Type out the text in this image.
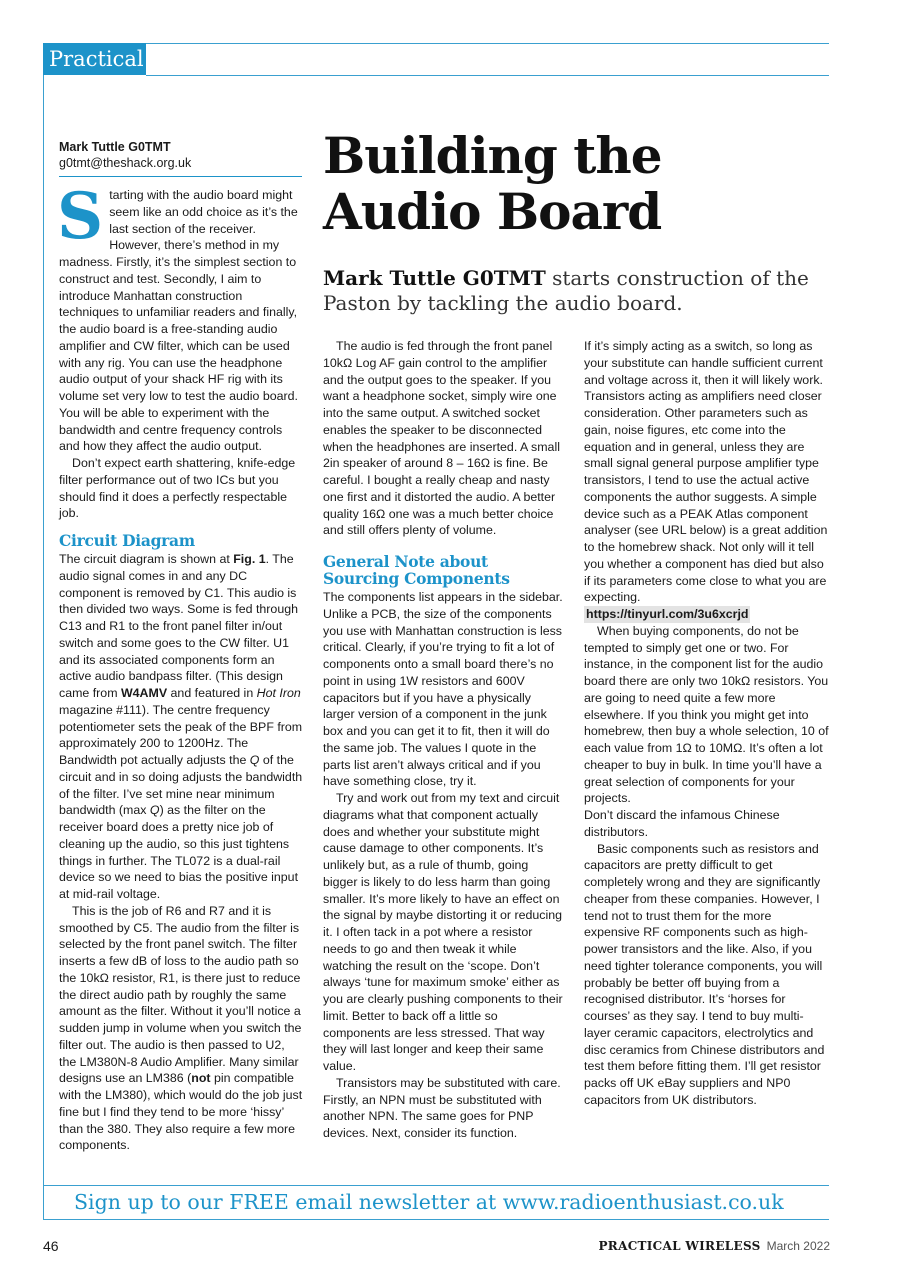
Practical
Mark Tuttle G0TMT
g0tmt@theshack.org.uk	Building the
Audio Board
Mark Tuttle G0TMT starts construction of the Paston by tackling the audio board.

Starting with the audio board might seem like an odd choice as it’s the last section of the receiver. However, there’s method in my madness. Firstly, it’s the simplest section to construct and test. Secondly, I aim to introduce Manhattan construction techniques to unfamiliar readers and finally, the audio board is a free-standing audio amplifier and CW filter, which can be used with any rig. You can use the headphone audio output of your shack HF rig with its volume set very low to test the audio board. You will be able to experiment with the bandwidth and centre frequency controls and how they affect the audio output.

Don’t expect earth shattering, knife-edge filter performance out of two ICs but you should find it does a perfectly respectable job.

Circuit Diagram

The circuit diagram is shown at Fig. 1. The audio signal comes in and any DC component is removed by C1. This audio is then divided two ways. Some is fed through C13 and R1 to the front panel filter in/out switch and some goes to the CW filter. U1 and its associated components form an active audio bandpass filter. (This design came from W4AMV and featured in Hot Iron magazine #111). The centre frequency potentiometer sets the peak of the BPF from approximately 200 to 1200Hz. The Bandwidth pot actually adjusts the Q of the circuit and in so doing adjusts the bandwidth of the filter. I’ve set mine near minimum bandwidth (max Q) as the filter on the receiver board does a pretty nice job of cleaning up the audio, so this just tightens things in further. The TL072 is a dual-rail device so we need to bias the positive input at mid-rail voltage.

This is the job of R6 and R7 and it is smoothed by C5. The audio from the filter is selected by the front panel switch. The filter inserts a few dB of loss to the audio path so the 10kΩ resistor, R1, is there just to reduce the direct audio path by roughly the same amount as the filter. Without it you’ll notice a sudden jump in volume when you switch the filter out. The audio is then passed to U2, the LM380N-8 Audio Amplifier. Many similar designs use an LM386 (not pin compatible with the LM380), which would do the job just fine but I find they tend to be more ‘hissy’ than the 380. They also require a few more components.

The audio is fed through the front panel 10kΩ Log AF gain control to the amplifier and the output goes to the speaker. If you want a headphone socket, simply wire one into the same output. A switched socket enables the speaker to be disconnected when the headphones are inserted. A small 2in speaker of around 8 – 16Ω is fine. Be careful. I bought a really cheap and nasty one first and it distorted the audio. A better quality 16Ω one was a much better choice and still offers plenty of volume.

General Note about Sourcing Components

The components list appears in the sidebar. Unlike a PCB, the size of the components you use with Manhattan construction is less critical. Clearly, if you’re trying to fit a lot of components onto a small board there’s no point in using 1W resistors and 600V capacitors but if you have a physically larger version of a component in the junk box and you can get it to fit, then it will do the same job. The values I quote in the parts list aren’t always critical and if you have something close, try it.

Try and work out from my text and circuit diagrams what that component actually does and whether your substitute might cause damage to other components. It’s unlikely but, as a rule of thumb, going bigger is likely to do less harm than going smaller. It’s more likely to have an effect on the signal by maybe distorting it or reducing it. I often tack in a pot where a resistor needs to go and then tweak it while watching the result on the ‘scope. Don’t always ‘tune for maximum smoke’ either as you are clearly pushing components to their limit. Better to back off a little so components are less stressed. That way they will last longer and keep their same value.

Transistors may be substituted with care. Firstly, an NPN must be substituted with another NPN. The same goes for PNP devices. Next, consider its function.

If it’s simply acting as a switch, so long as your substitute can handle sufficient current and voltage across it, then it will likely work. Transistors acting as amplifiers need closer consideration. Other parameters such as gain, noise figures, etc come into the equation and in general, unless they are small signal general purpose amplifier type transistors, I tend to use the actual active components the author suggests. A simple device such as a PEAK Atlas component analyser (see URL below) is a great addition to the homebrew shack. Not only will it tell you whether a component has died but also if its parameters come close to what you are expecting.

https://tinyurl.com/3u6xcrjd

When buying components, do not be tempted to simply get one or two. For instance, in the component list for the audio board there are only two 10kΩ resistors. You are going to need quite a few more elsewhere. If you think you might get into homebrew, then buy a whole selection, 10 of each value from 1Ω to 10MΩ. It’s often a lot cheaper to buy in bulk. In time you’ll have a great selection of components for your projects.

Don’t discard the infamous Chinese distributors.

Basic components such as resistors and capacitors are pretty difficult to get completely wrong and they are significantly cheaper from these companies. However, I tend not to trust them for the more expensive RF components such as high-power transistors and the like. Also, if you need tighter tolerance components, you will probably be better off buying from a recognised distributor. It’s ‘horses for courses’ as they say. I tend to buy multi-layer ceramic capacitors, electrolytics and disc ceramics from Chinese distributors and test them before fitting them. I’ll get resistor packs off UK eBay suppliers and NP0 capacitors from UK distributors.

Sign up to our FREE email newsletter at www.radioenthusiast.co.uk
46	PRACTICAL WIRELESS March 2022
